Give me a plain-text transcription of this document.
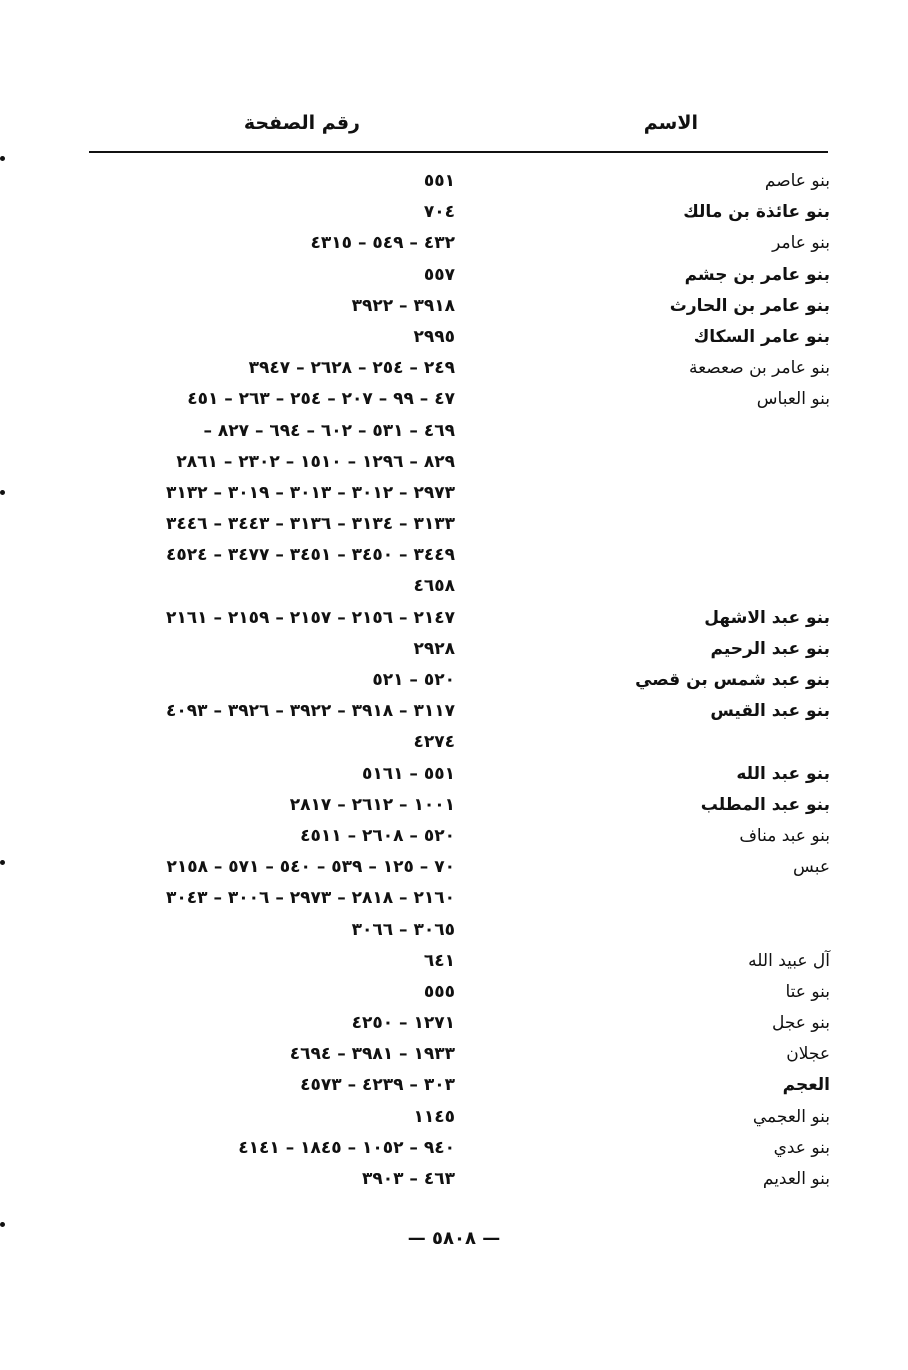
الاسم
رقم الصفحة
بنو عاصم
٥٥١
بنو عائذة بن مالك
٧٠٤
بنو عامر
٤٣٢ – ٥٤٩ – ٤٣١٥
بنو عامر بن جشم
٥٥٧
بنو عامر بن الحارث
٣٩١٨ – ٣٩٢٢
بنو عامر السكاك
٢٩٩٥
بنو عامر بن صعصعة
٢٤٩ – ٢٥٤ – ٢٦٢٨ – ٣٩٤٧
بنو العباس
٤٧ – ٩٩ – ٢٠٧ – ٢٥٤ – ٢٦٣ – ٤٥١
٤٦٩ – ٥٣١ – ٦٠٢ – ٦٩٤ – ٨٢٧ –
٨٢٩ – ١٢٩٦ – ١٥١٠ – ٢٣٠٢ – ٢٨٦١
٢٩٧٣ – ٣٠١٢ – ٣٠١٣ – ٣٠١٩ – ٣١٣٢
٣١٣٣ – ٣١٣٤ – ٣١٣٦ – ٣٤٤٣ – ٣٤٤٦
٣٤٤٩ – ٣٤٥٠ – ٣٤٥١ – ٣٤٧٧ – ٤٥٢٤
٤٦٥٨
بنو عبد الاشهل
٢١٤٧ – ٢١٥٦ – ٢١٥٧ – ٢١٥٩ – ٢١٦١
بنو عبد الرحيم
٢٩٢٨
بنو عبد شمس بن قصي
٥٢٠ – ٥٢١
بنو عبد القيس
٣١١٧ – ٣٩١٨ – ٣٩٢٢ – ٣٩٢٦ – ٤٠٩٣
٤٢٧٤
بنو عبد الله
٥٥١ – ٥١٦١
بنو عبد المطلب
١٠٠١ – ٢٦١٢ – ٢٨١٧
بنو عبد مناف
٥٢٠ – ٢٦٠٨ – ٤٥١١
عبس
٧٠ – ١٢٥ – ٥٣٩ – ٥٤٠ – ٥٧١ – ٢١٥٨
٢١٦٠ – ٢٨١٨ – ٢٩٧٣ – ٣٠٠٦ – ٣٠٤٣
٣٠٦٥ – ٣٠٦٦
آل عبيد الله
٦٤١
بنو عتا
٥٥٥
بنو عجل
١٢٧١ – ٤٢٥٠
عجلان
١٩٣٣ – ٣٩٨١ – ٤٦٩٤
العجم
٣٠٣ – ٤٢٣٩ – ٤٥٧٣
بنو العجمي
١١٤٥
بنو عدي
٩٤٠ – ١٠٥٢ – ١٨٤٥ – ٤١٤١
بنو العديم
٤٦٣ – ٣٩٠٣
— ٥٨٠٨ —
